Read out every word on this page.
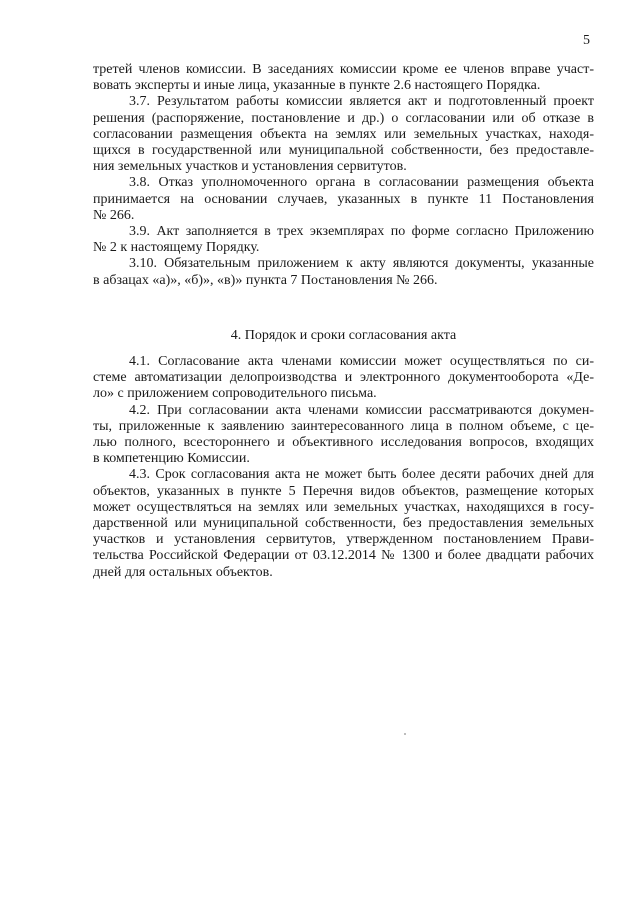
5
третей членов комиссии. В заседаниях комиссии кроме ее членов вправе участ-
вовать эксперты и иные лица, указанные в пункте 2.6 настоящего Порядка.
3.7. Результатом работы комиссии является акт и подготовленный проект
решения (распоряжение, постановление и др.) о согласовании или об отказе в
согласовании размещения объекта на землях или земельных участках, находя-
щихся в государственной или муниципальной собственности, без предоставле-
ния земельных участков и установления сервитутов.
3.8. Отказ уполномоченного органа в согласовании размещения объекта
принимается на основании случаев, указанных в пункте 11 Постановления
№ 266.
3.9. Акт заполняется в трех экземплярах по форме согласно Приложению
№ 2 к настоящему Порядку.
3.10. Обязательным приложением к акту являются документы, указанные
в абзацах «а)», «б)», «в)» пункта 7 Постановления № 266.
4. Порядок и сроки согласования акта
4.1. Согласование акта членами комиссии может осуществляться по си-
стеме автоматизации делопроизводства и электронного документооборота «Де-
ло» с приложением сопроводительного письма.
4.2. При согласовании акта членами комиссии рассматриваются докумен-
ты, приложенные к заявлению заинтересованного лица в полном объеме, с це-
лью полного, всестороннего и объективного исследования вопросов, входящих
в компетенцию Комиссии.
4.3. Срок согласования акта не может быть более десяти рабочих дней для
объектов, указанных в пункте 5 Перечня видов объектов, размещение которых
может осуществляться на землях или земельных участках, находящихся в госу-
дарственной или муниципальной собственности, без предоставления земельных
участков и установления сервитутов, утвержденном постановлением Прави-
тельства Российской Федерации от 03.12.2014 № 1300 и более двадцати рабочих
дней для остальных объектов.
